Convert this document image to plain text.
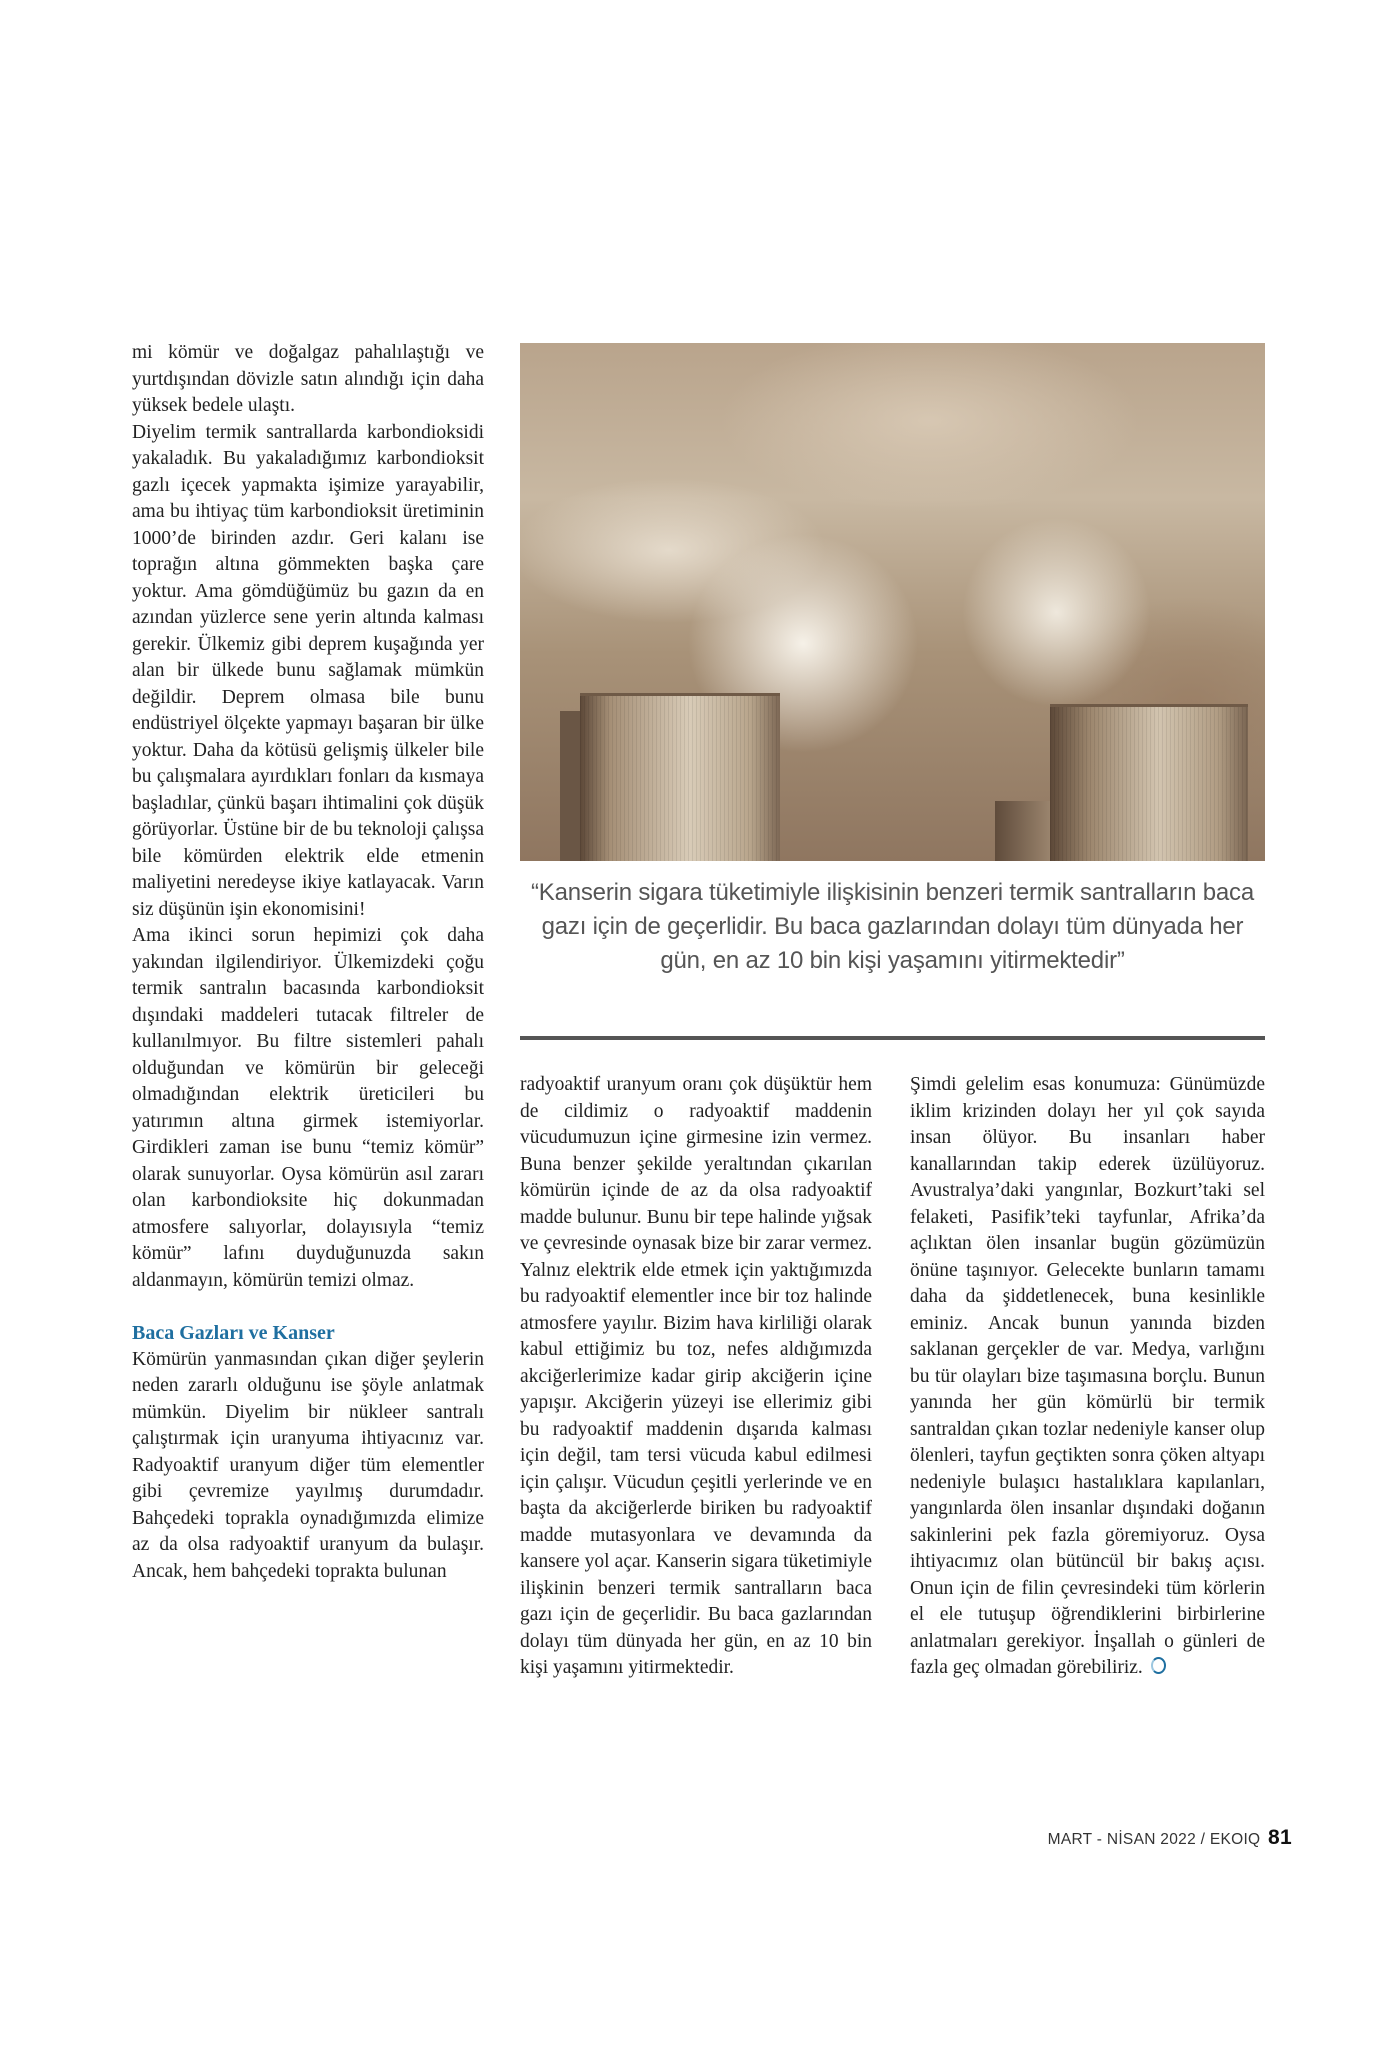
mi kömür ve doğalgaz pahalılaştığı ve yurtdışından dövizle satın alındığı için daha yüksek bedele ulaştı.

Diyelim termik santrallarda karbondioksidi yakaladık. Bu yakaladığımız karbondioksit gazlı içecek yapmakta işimize yarayabilir, ama bu ihtiyaç tüm karbondioksit üretiminin 1000’de birinden azdır. Geri kalanı ise toprağın altına gömmekten başka çare yoktur. Ama gömdüğümüz bu gazın da en azından yüzlerce sene yerin altında kalması gerekir. Ülkemiz gibi deprem kuşağında yer alan bir ülkede bunu sağlamak mümkün değildir. Deprem olmasa bile bunu endüstriyel ölçekte yapmayı başaran bir ülke yoktur. Daha da kötüsü gelişmiş ülkeler bile bu çalışmalara ayırdıkları fonları da kısmaya başladılar, çünkü başarı ihtimalini çok düşük görüyorlar. Üstüne bir de bu teknoloji çalışsa bile kömürden elektrik elde etmenin maliyetini neredeyse ikiye katlayacak. Varın siz düşünün işin ekonomisini!

Ama ikinci sorun hepimizi çok daha yakından ilgilendiriyor. Ülkemizdeki çoğu termik santralın bacasında karbondioksit dışındaki maddeleri tutacak filtreler de kullanılmıyor. Bu filtre sistemleri pahalı olduğundan ve kömürün bir geleceği olmadığından elektrik üreticileri bu yatırımın altına girmek istemiyorlar. Girdikleri zaman ise bunu “temiz kömür” olarak sunuyorlar. Oysa kömürün asıl zararı olan karbondioksite hiç dokunmadan atmosfere salıyorlar, dolayısıyla “temiz kömür” lafını duyduğunuzda sakın aldanmayın, kömürün temizi olmaz.

Baca Gazları ve Kanser

Kömürün yanmasından çıkan diğer şeylerin neden zararlı olduğunu ise şöyle anlatmak mümkün. Diyelim bir nükleer santralı çalıştırmak için uranyuma ihtiyacınız var. Radyoaktif uranyum diğer tüm elementler gibi çevremize yayılmış durumdadır. Bahçedeki toprakla oynadığımızda elimize az da olsa radyoaktif uranyum da bulaşır. Ancak, hem bahçedeki toprakta bulunan

“Kanserin sigara tüketimiyle ilişkisinin benzeri termik santralların baca gazı için de geçerlidir. Bu baca gazlarından dolayı tüm dünyada her gün, en az 10 bin kişi yaşamını yitirmektedir”

radyoaktif uranyum oranı çok düşüktür hem de cildimiz o radyoaktif maddenin vücudumuzun içine girmesine izin vermez. Buna benzer şekilde yeraltından çıkarılan kömürün içinde de az da olsa radyoaktif madde bulunur. Bunu bir tepe halinde yığsak ve çevresinde oynasak bize bir zarar vermez. Yalnız elektrik elde etmek için yaktığımızda bu radyoaktif elementler ince bir toz halinde atmosfere yayılır. Bizim hava kirliliği olarak kabul ettiğimiz bu toz, nefes aldığımızda akciğerlerimize kadar girip akciğerin içine yapışır. Akciğerin yüzeyi ise ellerimiz gibi bu radyoaktif maddenin dışarıda kalması için değil, tam tersi vücuda kabul edilmesi için çalışır. Vücudun çeşitli yerlerinde ve en başta da akciğerlerde biriken bu radyoaktif madde mutasyonlara ve devamında da kansere yol açar. Kanserin sigara tüketimiyle ilişkinin benzeri termik santralların baca gazı için de geçerlidir. Bu baca gazlarından dolayı tüm dünyada her gün, en az 10 bin kişi yaşamını yitirmektedir.

Şimdi gelelim esas konumuza: Günümüzde iklim krizinden dolayı her yıl çok sayıda insan ölüyor. Bu insanları haber kanallarından takip ederek üzülüyoruz. Avustralya’daki yangınlar, Bozkurt’taki sel felaketi, Pasifik’teki tayfunlar, Afrika’da açlıktan ölen insanlar bugün gözümüzün önüne taşınıyor. Gelecekte bunların tamamı daha da şiddetlenecek, buna kesinlikle eminiz. Ancak bunun yanında bizden saklanan gerçekler de var. Medya, varlığını bu tür olayları bize taşımasına borçlu. Bunun yanında her gün kömürlü bir termik santraldan çıkan tozlar nedeniyle kanser olup ölenleri, tayfun geçtikten sonra çöken altyapı nedeniyle bulaşıcı hastalıklara kapılanları, yangınlarda ölen insanlar dışındaki doğanın sakinlerini pek fazla göremiyoruz. Oysa ihtiyacımız olan bütüncül bir bakış açısı. Onun için de filin çevresindeki tüm körlerin el ele tutuşup öğrendiklerini birbirlerine anlatmaları gerekiyor. İnşallah o günleri de fazla geç olmadan görebiliriz.

MART - NİSAN 2022 / EKOIQ 81
